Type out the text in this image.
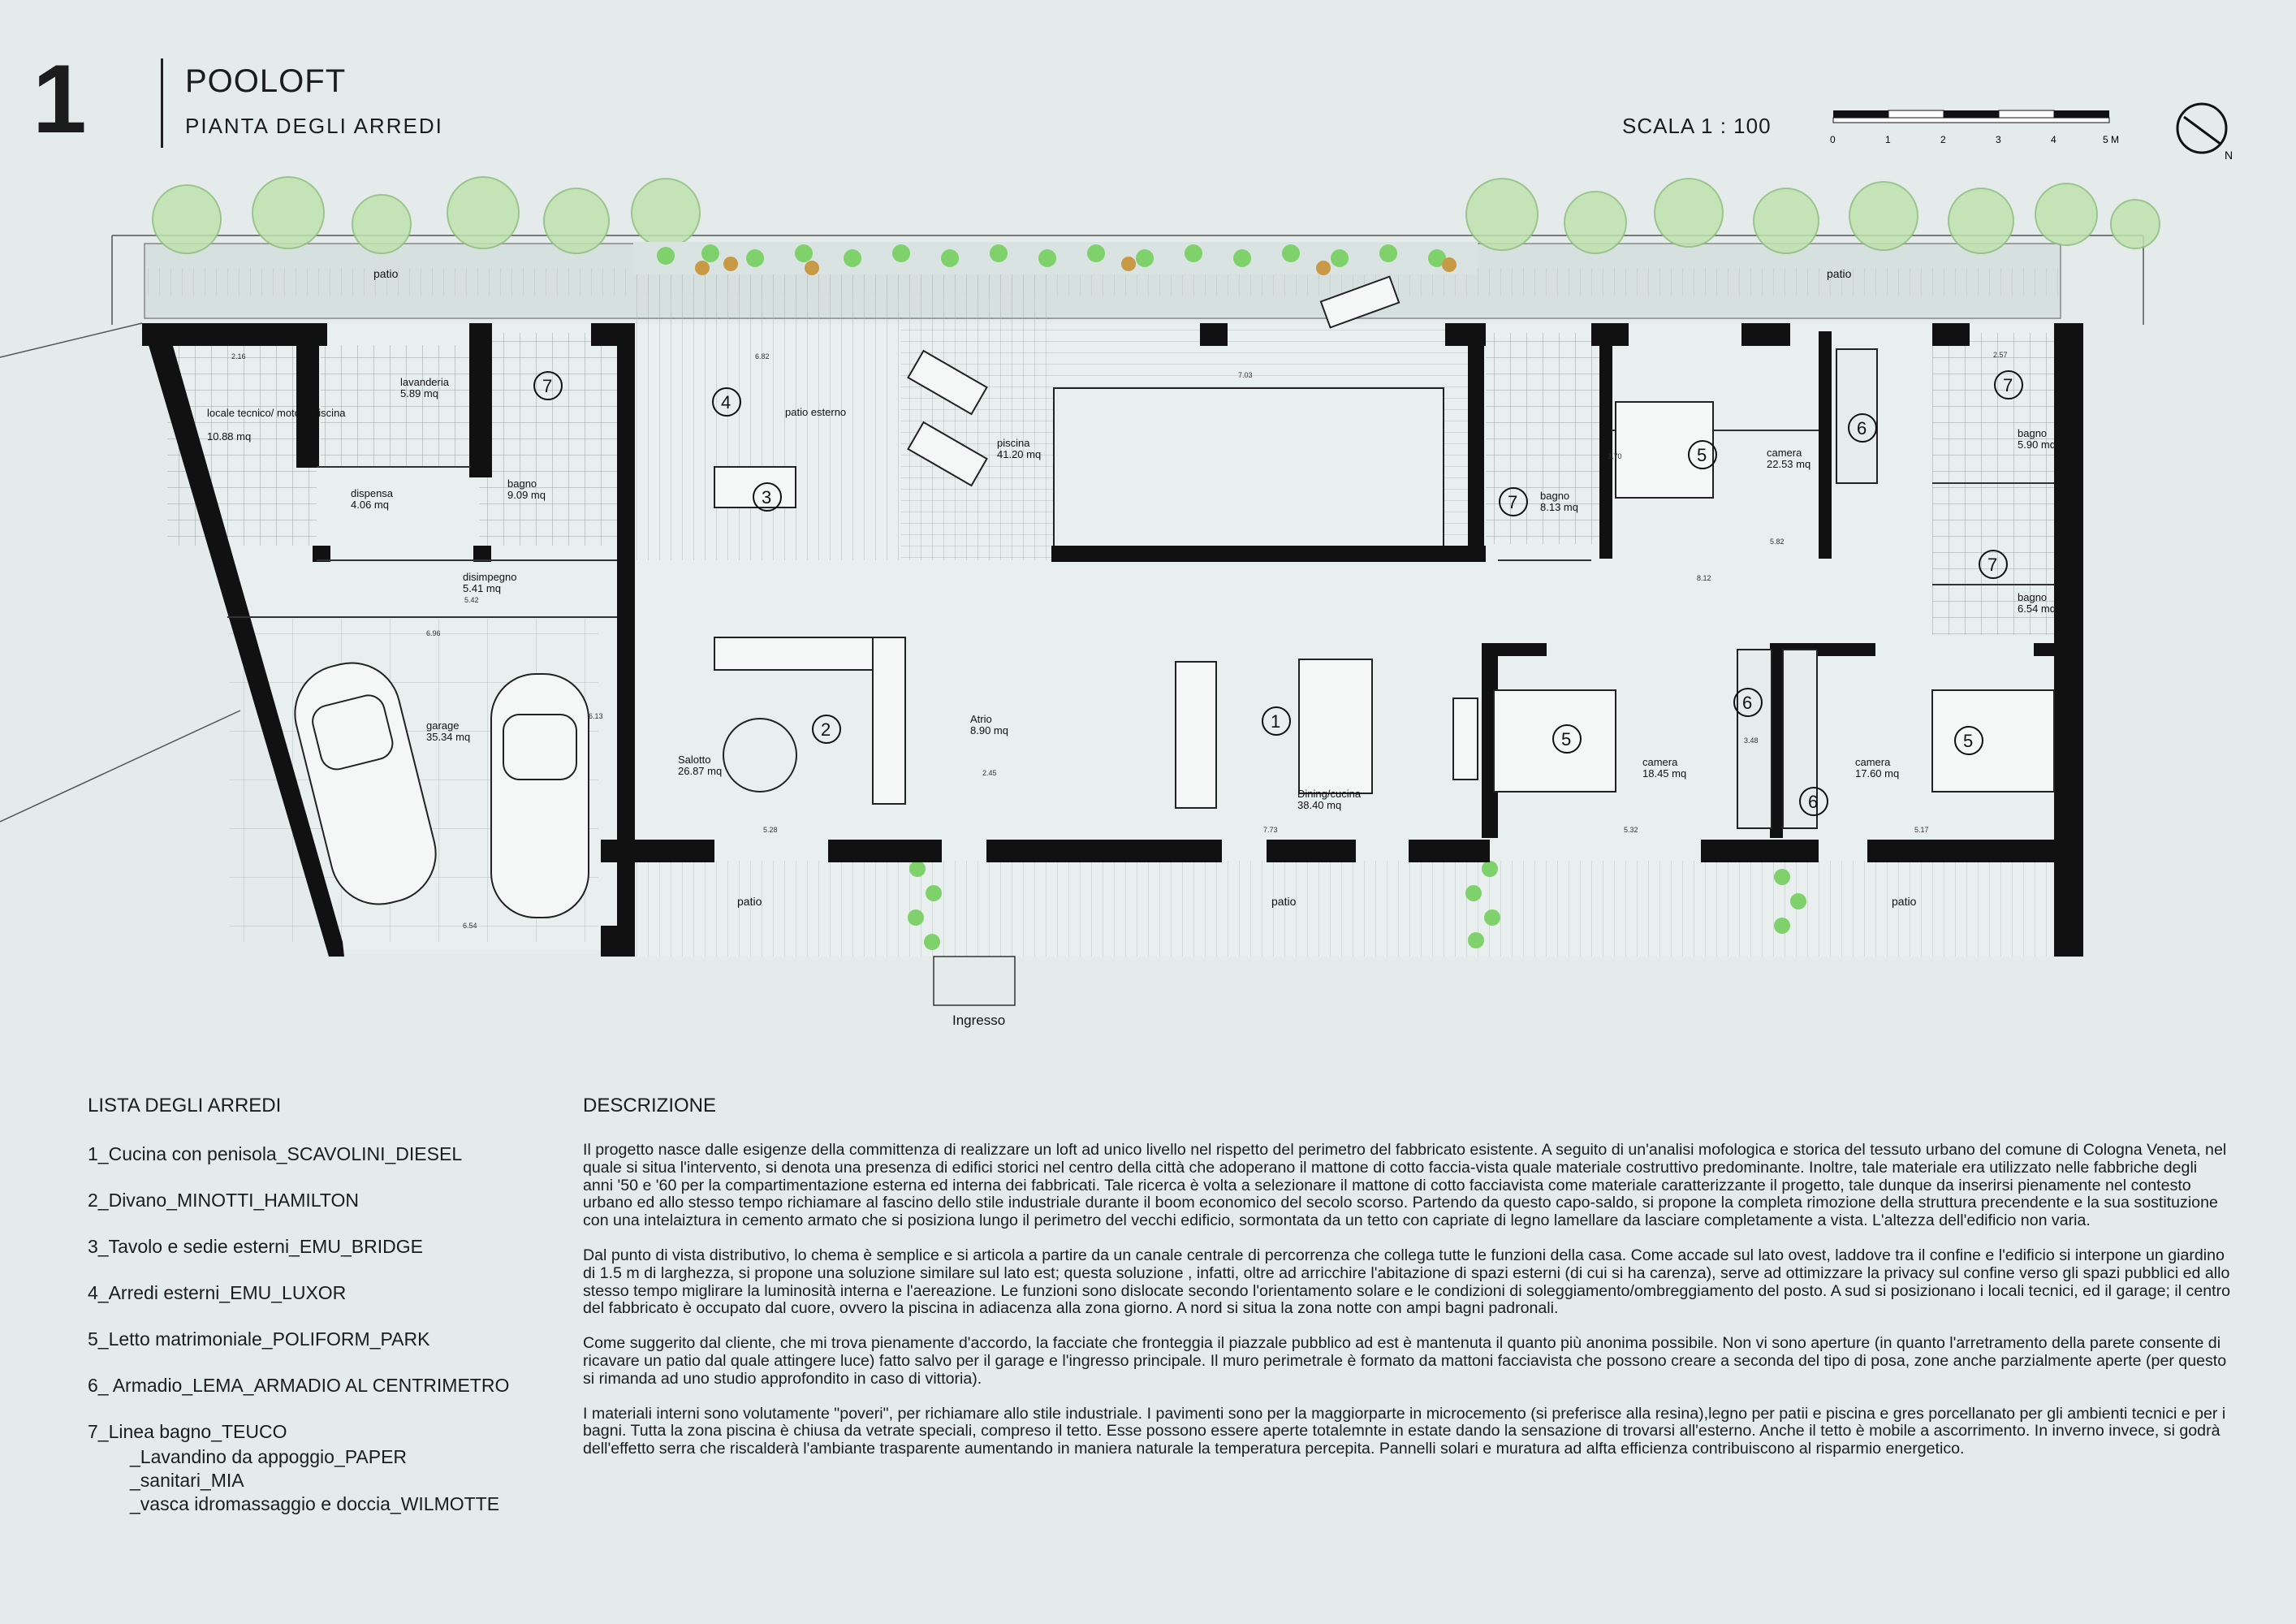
1	POOLOFT
PIANTA DEGLI ARREDI	SCALA 1 : 100
0	1	2	3	4	5 M
N
locale tecnico/ motore piscina
10.88 mq
lavanderia
5.89 mq
dispensa
4.06 mq
bagno
9.09 mq
disimpegno
5.41 mq
garage
35.34 mq
patio esterno
piscina
41.20 mq
Salotto
26.87 mq
Atrio
8.90 mq
Dining/cucina
38.40 mq
bagno
8.13 mq
camera
22.53 mq
bagno
5.90 mq
bagno
6.54 mq
camera
18.45 mq
camera
17.60 mq
patio	patio
patio	patio	patio
Ingresso
1
2
3
4
5
5	5
6
6
6
7
7
7
7
2.16	2.57
6.82
7.03
5.82
5.42
6.96
5.28	7.73	5.32	5.17
6.54
8.12
3.70
6.13
3.48
2.45
LISTA DEGLI ARREDI
1_Cucina con penisola_SCAVOLINI_DIESEL
2_Divano_MINOTTI_HAMILTON
3_Tavolo e sedie esterni_EMU_BRIDGE
4_Arredi esterni_EMU_LUXOR
5_Letto matrimoniale_POLIFORM_PARK
6_ Armadio_LEMA_ARMADIO AL CENTRIMETRO
7_Linea bagno_TEUCO
_Lavandino da appoggio_PAPER
_sanitari_MIA
_vasca idromassaggio e doccia_WILMOTTE
DESCRIZIONE

Il progetto nasce dalle esigenze della committenza di realizzare un loft ad unico livello nel rispetto del perimetro del fabbricato esistente. A seguito di un'analisi mofologica e storica del tessuto urbano del comune di Cologna Veneta, nel quale si situa l'intervento, si denota una presenza di edifici storici nel centro della città che adoperano il mattone di cotto faccia-vista quale materiale costruttivo predominante. Inoltre, tale materiale era utilizzato nelle fabbriche degli anni '50 e '60 per la compartimentazione esterna ed interna dei fabbricati. Tale ricerca è volta a selezionare il mattone di cotto facciavista come materiale caratterizzante il progetto, tale dunque da inserirsi pienamente nel contesto urbano ed allo stesso tempo richiamare al fascino dello stile industriale durante il boom economico del secolo scorso. Partendo da questo capo-saldo, si propone la completa rimozione della struttura precendente e la sua sostituzione con una intelaiztura in cemento armato che si posiziona lungo il perimetro del vecchi edificio, sormontata da un tetto con capriate di legno lamellare da lasciare completamente a vista. L'altezza dell'edificio non varia.

Dal punto di vista distributivo, lo chema è semplice e si articola a partire da un canale centrale di percorrenza che collega tutte le funzioni della casa. Come accade sul lato ovest, laddove tra il confine e l'edificio si interpone un giardino di 1.5 m di larghezza, si propone una soluzione similare sul lato est; questa soluzione , infatti, oltre ad arricchire l'abitazione di spazi esterni (di cui si ha carenza), serve ad ottimizzare la privacy sul confine verso gli spazi pubblici ed allo stesso tempo miglirare la luminosità interna e l'aereazione. Le funzioni sono dislocate secondo l'orientamento solare e le condizioni di soleggiamento/ombreggiamento del posto. A sud si posizionano i locali tecnici, ed il garage; il centro del fabbricato è occupato dal cuore, ovvero la piscina in adiacenza alla zona giorno. A nord si situa la zona notte con ampi bagni padronali.

Come suggerito dal cliente, che mi trova pienamente d'accordo, la facciate che fronteggia il piazzale pubblico ad est è mantenuta il quanto più anonima possibile. Non vi sono aperture (in quanto l'arretramento della parete consente di ricavare un patio dal quale attingere luce) fatto salvo per il garage e l'ingresso principale. Il muro perimetrale è formato da mattoni facciavista che possono creare a seconda del tipo di posa, zone anche parzialmente aperte (per questo si rimanda ad uno studio approfondito in caso di vittoria).

I materiali interni sono volutamente "poveri", per richiamare allo stile industriale. I pavimenti sono per la maggiorparte in microcemento (si preferisce alla resina),legno per patii e piscina e gres porcellanato per gli ambienti tecnici e per i bagni. Tutta la zona piscina è chiusa da vetrate speciali, compreso il tetto. Esse possono essere aperte totalemnte in estate dando la sensazione di trovarsi all'esterno. Anche il tetto è mobile a ascorrimento. In inverno invece, si godrà dell'effetto serra che riscalderà l'ambiante trasparente aumentando in maniera naturale la temperatura percepita. Pannelli solari e muratura ad alfta efficienza contribuiscono al risparmio energetico.
